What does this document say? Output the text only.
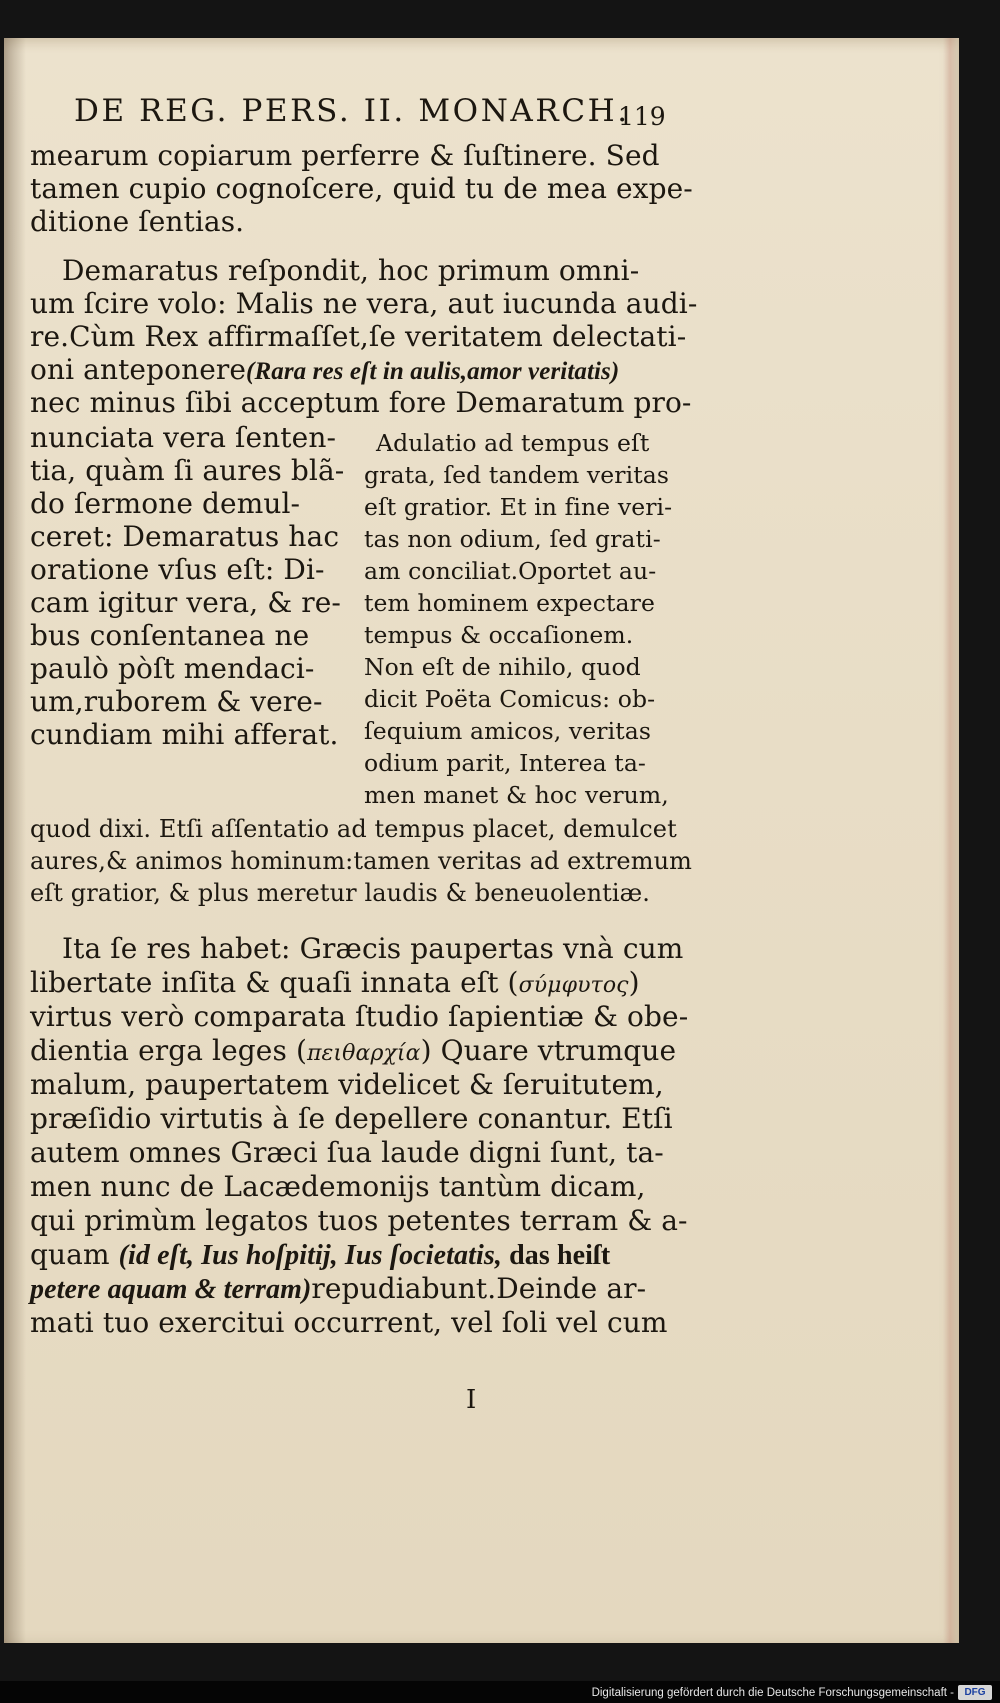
DE REG. PERS. II. MONARCH.
119
mearum copiarum perferre & ſuſtinere. Sed
tamen cupio cognoſcere, quid tu de mea expe-
ditione ſentias.
Demaratus reſpondit, hoc primum omni-
um ſcire volo: Malis ne vera, aut iucunda audi-
re.Cùm Rex affirmaſſet,ſe veritatem delectati-
oni anteponere(Rara res eſt in aulis,amor veritatis)
nec minus ſibi acceptum fore Demaratum pro-
nunciata vera ſenten-
tia, quàm ſi aures blã-
do ſermone demul-
ceret: Demaratus hac
oratione vſus eſt: Di-
cam igitur vera, & re-
bus conſentanea ne
paulò pòſt mendaci-
um,ruborem & vere-
cundiam mihi afferat.
Adulatio ad tempus eſt
grata, ſed tandem veritas
eſt gratior. Et in fine veri-
tas non odium, ſed grati-
am conciliat.Oportet au-
tem hominem expectare
tempus & occaſionem.
Non eſt de nihilo, quod
dicit Poëta Comicus: ob-
ſequium amicos, veritas
odium parit, Interea ta-
men manet & hoc verum,
quod dixi. Etſi aſſentatio ad tempus placet, demulcet
aures,& animos hominum:tamen veritas ad extremum
eſt gratior, & plus meretur laudis & beneuolentiæ.
Ita ſe res habet: Græcis paupertas vnà cum
libertate inſita & quaſi innata eſt (σύμφυτος)
virtus verò comparata ſtudio ſapientiæ & obe-
dientia erga leges (πειθαρχία) Quare vtrumque
malum, paupertatem videlicet & ſeruitutem,
præſidio virtutis à ſe depellere conantur. Etſi
autem omnes Græci ſua laude digni ſunt, ta-
men nunc de Lacædemonijs tantùm dicam,
qui primùm legatos tuos petentes terram & a-
quam (id eſt, Ius hoſpitij, Ius ſocietatis, das heiſt
petere aquam & terram)repudiabunt.Deinde ar-
mati tuo exercitui occurrent, vel ſoli vel cum
I
Digitalisierung gefördert durch die Deutsche Forschungsgemeinschaft -	DFG
